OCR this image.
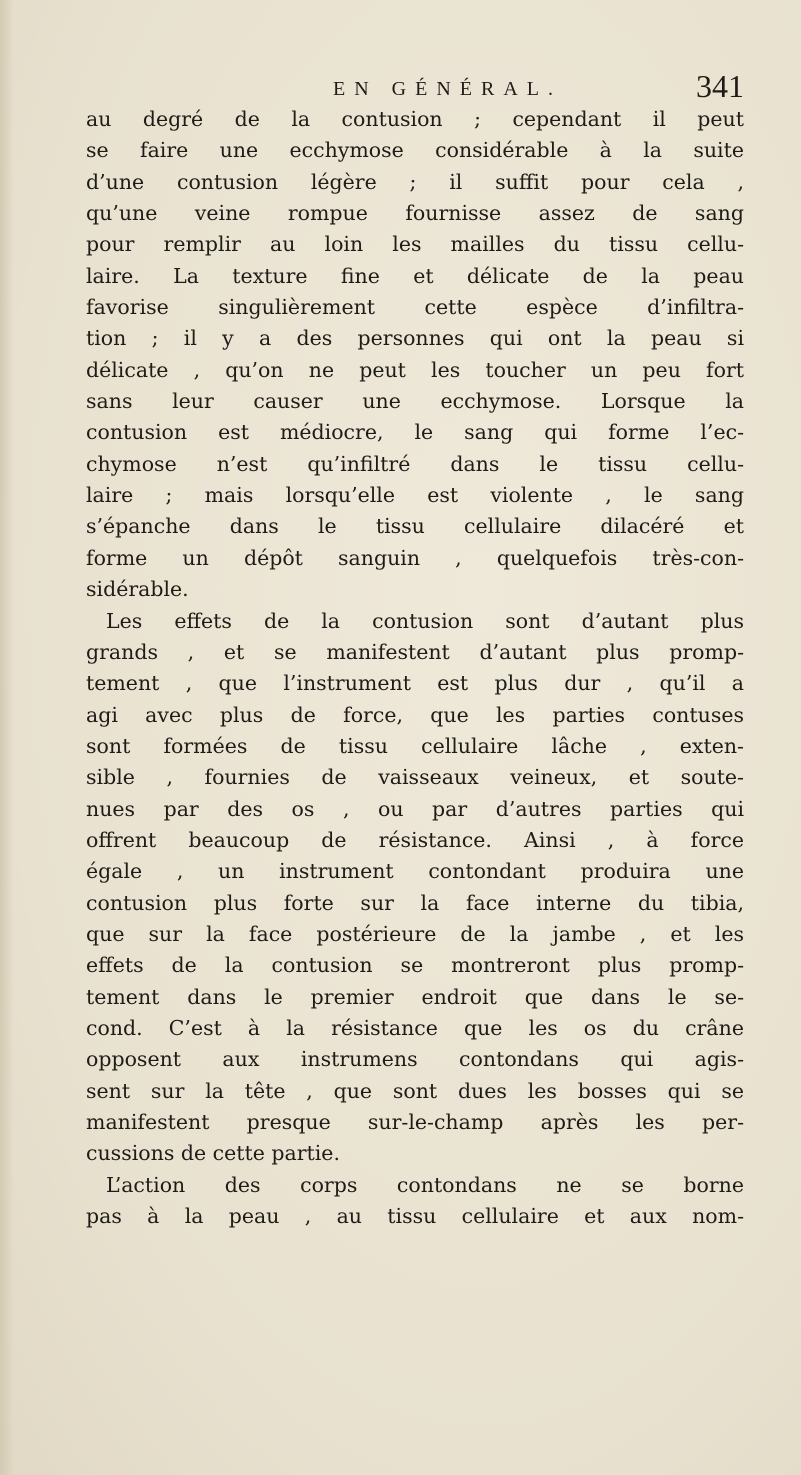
EN GÉNÉRAL.	341
au degré de la contusion ; cependant il peut
se faire une ecchymose considérable à la suite
d’une contusion légère ; il suffit pour cela ,
qu’une veine rompue fournisse assez de sang
pour remplir au loin les mailles du tissu cellu-
laire. La texture fine et délicate de la peau
favorise singulièrement cette espèce d’infiltra-
tion ; il y a des personnes qui ont la peau si
délicate , qu’on ne peut les toucher un peu fort
sans leur causer une ecchymose. Lorsque la
contusion est médiocre, le sang qui forme l’ec-
chymose n’est qu’infiltré dans le tissu cellu-
laire ; mais lorsqu’elle est violente , le sang
s’épanche dans le tissu cellulaire dilacéré et
forme un dépôt sanguin , quelquefois très-con-
sidérable.
Les effets de la contusion sont d’autant plus
grands , et se manifestent d’autant plus promp-
tement , que l’instrument est plus dur , qu’il a
agi avec plus de force, que les parties contuses
sont formées de tissu cellulaire lâche , exten-
sible , fournies de vaisseaux veineux, et soute-
nues par des os , ou par d’autres parties qui
offrent beaucoup de résistance. Ainsi , à force
égale , un instrument contondant produira une
contusion plus forte sur la face interne du tibia,
que sur la face postérieure de la jambe , et les
effets de la contusion se montreront plus promp-
tement dans le premier endroit que dans le se-
cond. C’est à la résistance que les os du crâne
opposent aux instrumens contondans qui agis-
sent sur la tête , que sont dues les bosses qui se
manifestent presque sur-le-champ après les per-
cussions de cette partie.
L’action des corps contondans ne se borne
pas à la peau , au tissu cellulaire et aux nom-
